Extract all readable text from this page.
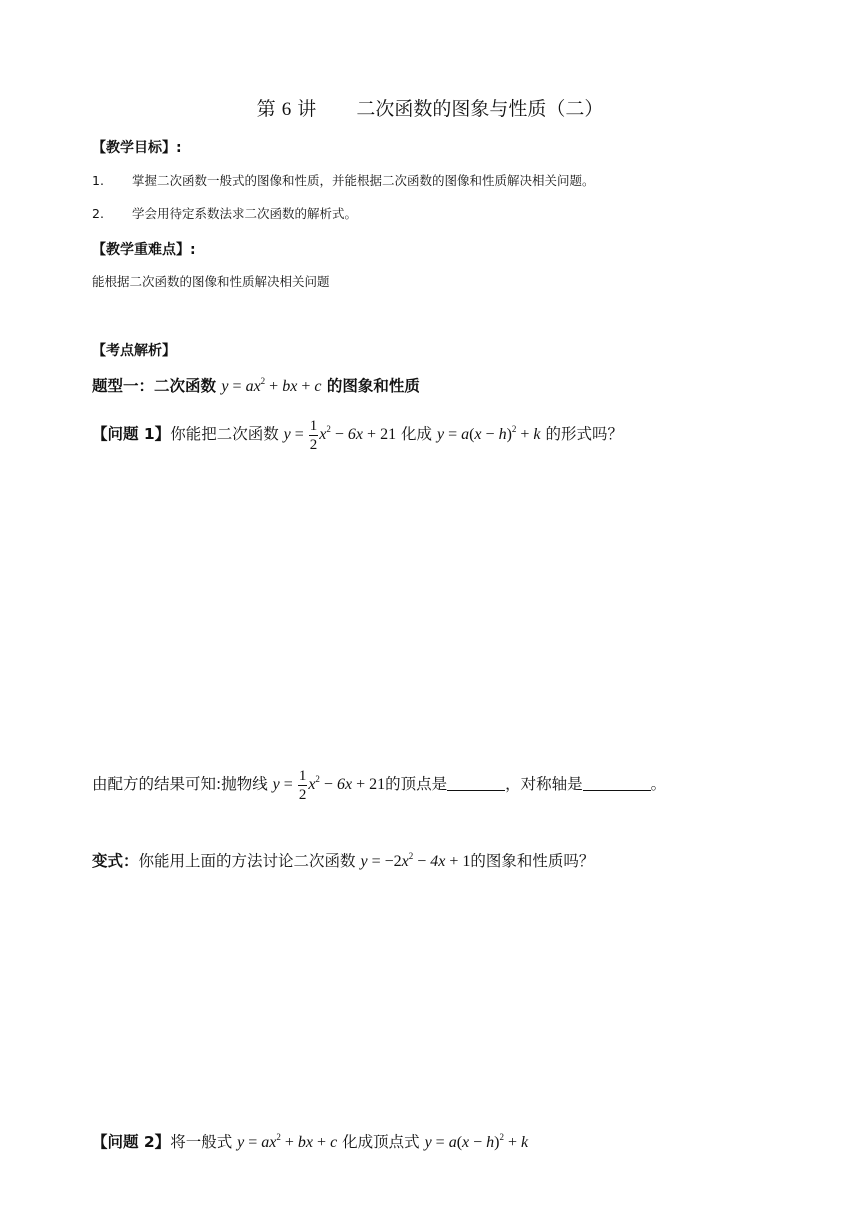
第 6 讲 二次函数的图象与性质（二）
【教学目标】:
1. 掌握二次函数一般式的图像和性质，并能根据二次函数的图像和性质解决相关问题。
2. 学会用待定系数法求二次函数的解析式。
【教学重难点】:
能根据二次函数的图像和性质解决相关问题
【考点解析】
题型一：二次函数 $y = ax^2$ + bx + c 的图象和性质
【问题 1】你能把二次函数 $y = \frac{1}{2} x^2 - 6x + 21$ 化成 $y = a(x - h)^2 + k$ 的形式吗？
由配方的结果可知:抛物线 $y = \frac{1}{2} x^2 - 6x + 21$的顶点是	，对称轴是	。
变式：你能用上面的方法讨论二次函数 $y = -2x^2 - 4x + 1$的图象和性质吗？
【问题 2】将一般式 $y = ax^2$ + bx + c 化成顶点式 $y = a(x - h)^2 + k$
